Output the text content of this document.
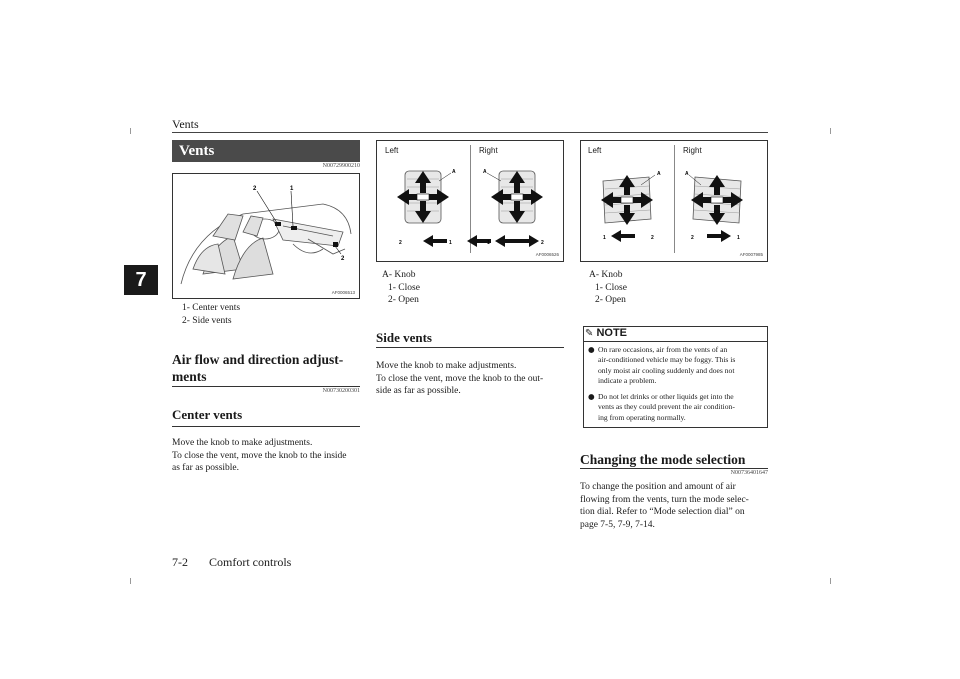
Vents
7
Vents
N00729900210
2	1
2
AF0006513
1- Center vents
2- Side vents
Air flow and direction adjust-ments
N00730200301
Center vents
Move the knob to make adjustments.
To close the vent, move the knob to the inside
as far as possible.
Left	Right
A
2	1
A
1	2
AF0006526
A- Knob
1- Close
2- Open
Side vents
Move the knob to make adjustments.
To close the vent, move the knob to the out-
side as far as possible.
Left	Right
A
1	2
A
2	1
AF0007985
A- Knob
1- Close
2- Open
✎ NOTE
● On rare occasions, air from the vents of an
air-conditioned vehicle may be foggy. This is
only moist air cooling suddenly and does not
indicate a problem.
● Do not let drinks or other liquids get into the
vents as they could prevent the air condition-
ing from operating normally.
Changing the mode selection
N00736401647
To change the position and amount of air
flowing from the vents, turn the mode selec-
tion dial. Refer to “Mode selection dial” on
page 7-5, 7-9, 7-14.
7-2 Comfort controls
